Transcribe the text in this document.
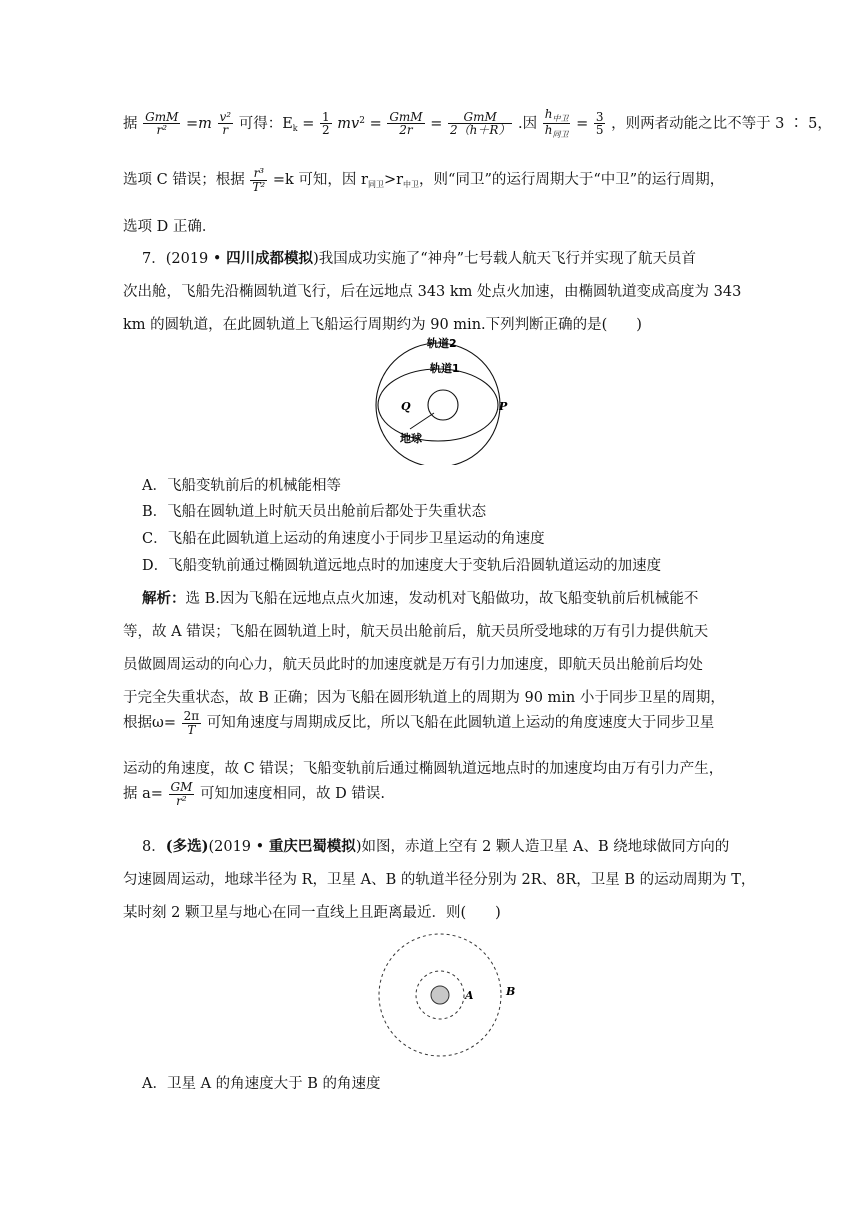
据 $\frac{\text{GmM}}{\text{r²}} =m \frac{\text{v²}}{r}$ 可得：$E_k = \frac{1}{2} mv^2 = \frac{\text{GmM}}{2r} = \frac{\text{GmM}}{2(h+R)}$ .因 $\frac{h_{中卫}}{h_{同卫}} = \frac{3}{5}$ ，则两者动能之比不等于 3 ∶ 5，
选项 C 错误；根据 $\frac{\text{r³}}{\text{T²}} =k$ 可知，因 $r_{同卫}>r_{中卫}$，则“同卫”的运行周期大于“中卫”的运行周期，
选项 D 正确．
7．(2019 • 四川成都模拟)我国成功实施了“神舟”七号载人航天飞行并实现了航天员首
次出舱，飞船先沿椭圆轨道飞行，后在远地点 343 km 处点火加速，由椭圆轨道变成高度为 343
km 的圆轨道，在此圆轨道上飞船运行周期约为 90 min.下列判断正确的是(　　)
轨道2
轨道1
Q	P
地球
A．飞船变轨前后的机械能相等
B．飞船在圆轨道上时航天员出舱前后都处于失重状态
C．飞船在此圆轨道上运动的角速度小于同步卫星运动的角速度
D．飞船变轨前通过椭圆轨道远地点时的加速度大于变轨后沿圆轨道运动的加速度
解析：选 B.因为飞船在远地点点火加速，发动机对飞船做功，故飞船变轨前后机械能不
等，故 A 错误；飞船在圆轨道上时，航天员出舱前后，航天员所受地球的万有引力提供航天
员做圆周运动的向心力，航天员此时的加速度就是万有引力加速度，即航天员出舱前后均处
于完全失重状态，故 B 正确；因为飞船在圆形轨道上的周期为 90 min 小于同步卫星的周期，
根据$\omega= \frac{2\pi}{T}$ 可知角速度与周期成反比，所以飞船在此圆轨道上运动的角度速度大于同步卫星
运动的角速度，故 C 错误；飞船变轨前后通过椭圆轨道远地点时的加速度均由万有引力产生，
据 $a= \frac{GM}{\text{r²}}$ 可知加速度相同，故 D 错误.
8．(多选)(2019 • 重庆巴蜀模拟)如图，赤道上空有 2 颗人造卫星 A、B 绕地球做同方向的
匀速圆周运动，地球半径为 R，卫星 A、B 的轨道半径分别为 2R、8R，卫星 B 的运动周期为 T，
某时刻 2 颗卫星与地心在同一直线上且距离最近．则(　　)
A	B
A．卫星 A 的角速度大于 B 的角速度
